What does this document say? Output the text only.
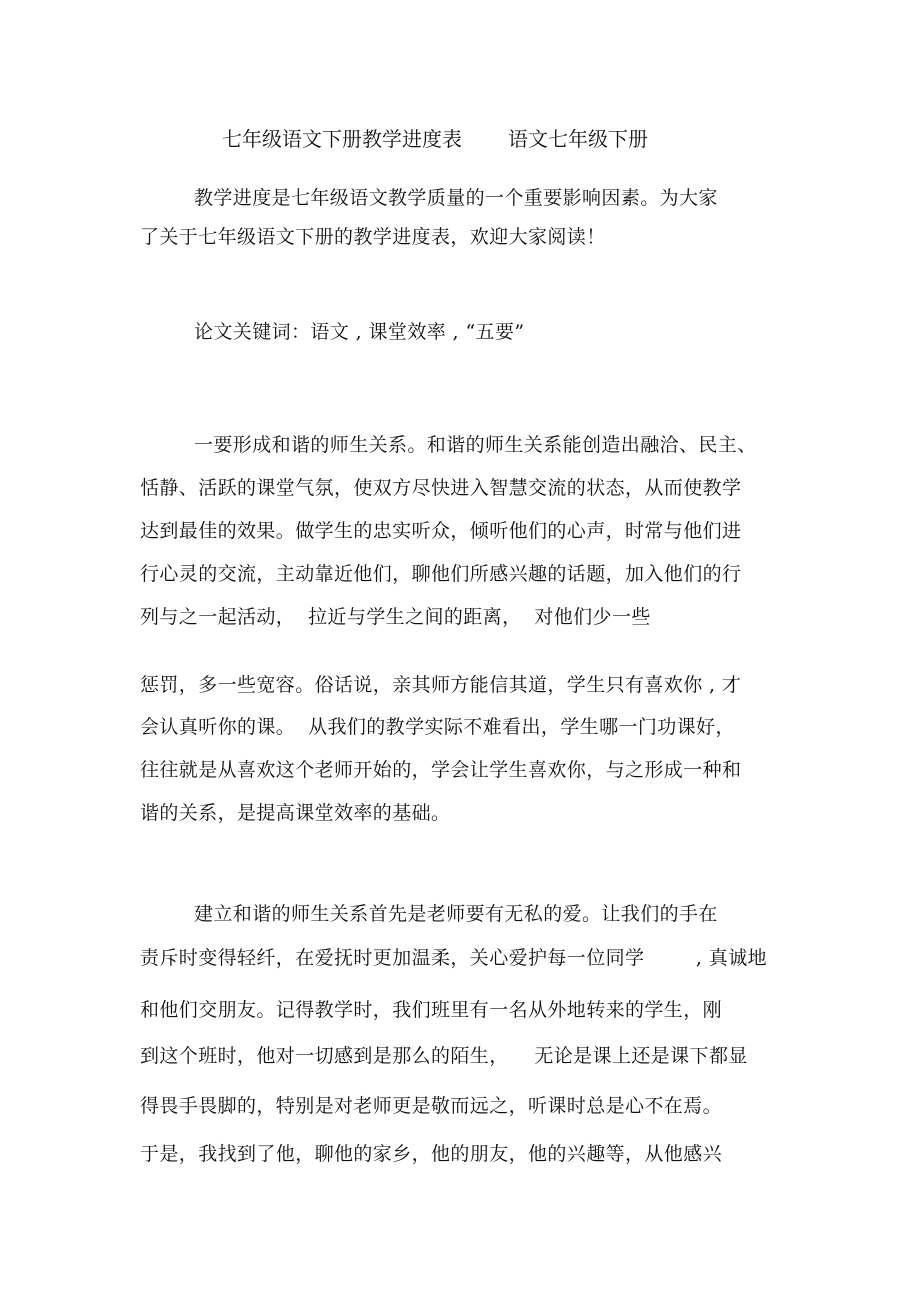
七年级语文下册教学进度表 语文七年级下册
教学进度是七年级语文教学质量的一个重要影响因素。为大家
了关于七年级语文下册的教学进度表，欢迎大家阅读！
论文关键词：语文 , 课堂效率 , “五要”
一要形成和谐的师生关系。和谐的师生关系能创造出融洽、民主、
恬静、活跃的课堂气氛，使双方尽快进入智慧交流的状态，从而使教学
达到最佳的效果。做学生的忠实听众，倾听他们的心声，时常与他们进
行心灵的交流，主动靠近他们，聊他们所感兴趣的话题，加入他们的行
列与之一起活动，  拉近与学生之间的距离，  对他们少一些
惩罚，多一些宽容。俗话说，亲其师方能信其道，学生只有喜欢你 , 才
会认真听你的课。  从我们的教学实际不难看出，学生哪一门功课好，
往往就是从喜欢这个老师开始的，学会让学生喜欢你，与之形成一种和
谐的关系，是提高课堂效率的基础。
建立和谐的师生关系首先是老师要有无私的爱。让我们的手在
责斥时变得轻纤，在爱抚时更加温柔，关心爱护每一位同学        , 真诚地
和他们交朋友。记得教学时，我们班里有一名从外地转来的学生，刚
到这个班时，他对一切感到是那么的陌生，    无论是课上还是课下都显
得畏手畏脚的，特别是对老师更是敬而远之，听课时总是心不在焉。
于是，我找到了他，聊他的家乡，他的朋友，他的兴趣等，从他感兴
